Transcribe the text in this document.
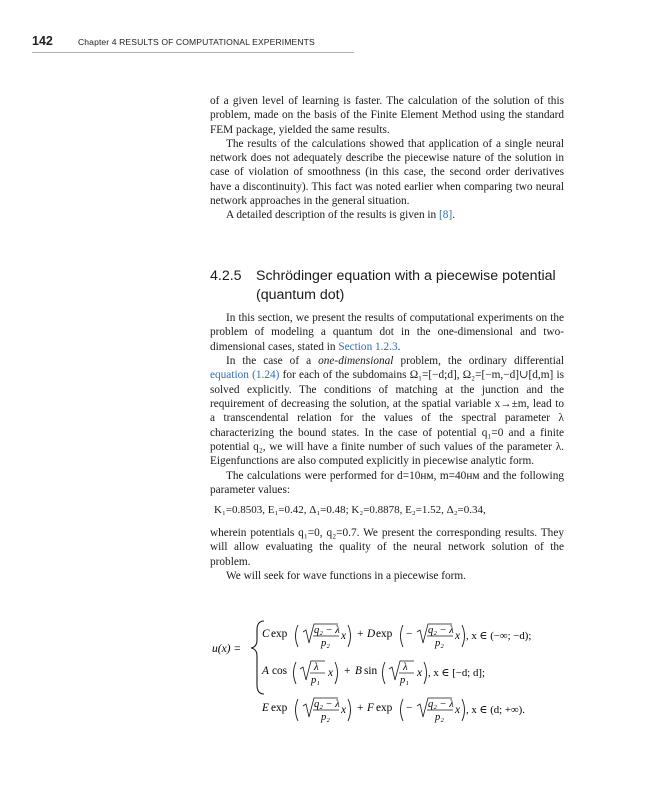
142	Chapter 4 RESULTS OF COMPUTATIONAL EXPERIMENTS

of a given level of learning is faster. The calculation of the solution of this problem, made on the basis of the Finite Element Method using the standard FEM package, yielded the same results.

The results of the calculations showed that application of a single neural network does not adequately describe the piecewise nature of the solution in case of violation of smoothness (in this case, the second order derivatives have a discontinuity). This fact was noted earlier when comparing two neural network approaches in the general situation.

A detailed description of the results is given in [8].

4.2.5 Schrödinger equation with a piecewise potential (quantum dot)

In this section, we present the results of computational experiments on the problem of modeling a quantum dot in the one-dimensional and two-dimensional cases, stated in Section 1.2.3.

In the case of a one-dimensional problem, the ordinary differential equation (1.24) for each of the subdomains Ω₁=[−d;d], Ω₂=[−m,−d]∪[d,m] is solved explicitly. The conditions of matching at the junction and the requirement of decreasing the solution, at the spatial variable x→±m, lead to a transcendental relation for the values of the spectral parameter λ characterizing the bound states. In the case of potential q₁=0 and a finite potential q₂, we will have a finite number of such values of the parameter λ. Eigenfunctions are also computed explicitly in piecewise analytic form.

The calculations were performed for d=10нм, m=40нм and the following parameter values:

K₁=0.8503, E₁=0.42, Δ₁=0.48; K₂=0.8878, E₂=1.52, Δ₂=0.34,

wherein potentials q₁=0, q₂=0.7. We present the corresponding results. They will allow evaluating the quality of the neural network solution of the problem.

We will seek for wave functions in a piecewise form.

u(x) =
C exp	q₂ − λ
p₂
x + D exp − q₂ − λ
p₂
x , x ∈ (−∞; −d);
A cos	λ
p₁
x + B sin λ
p₁
x , x ∈ [−d; d];
E exp	q₂ − λ
p₂
x + F exp − q₂ − λ
p₂
x , x ∈ (d; +∞).
